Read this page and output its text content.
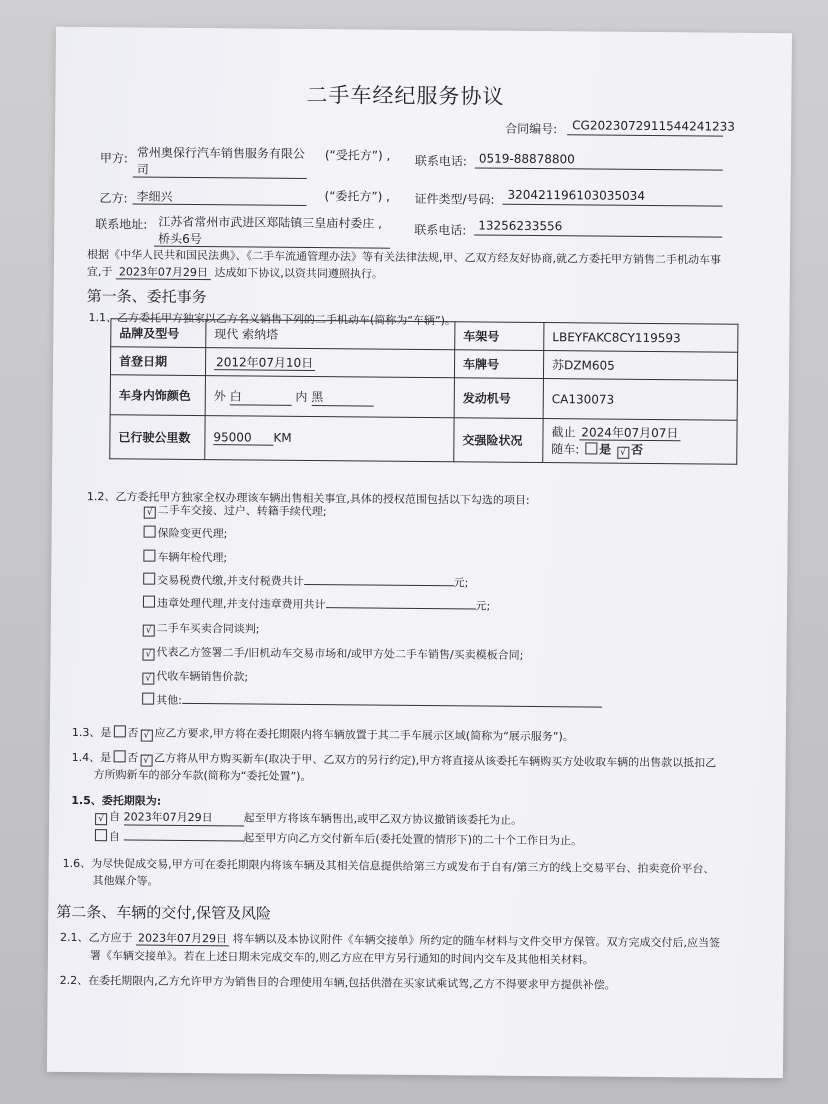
二手车经纪服务协议
合同编号: CG2023072911544241233
甲方: 常州奥保行汽车销售服务有限公
司
(“受托方”) , 联系电话: 0519-88878800
乙方: 李细兴	(“委托方”) , 证件类型/号码: 320421196103035034
联系地址: 江苏省常州市武进区郑陆镇三皇庙村委庄 ,
桥头6号
联系电话: 13256233556
根据《中华人民共和国民法典》、《二手车流通管理办法》等有关法律法规,甲、乙双方经友好协商,就乙方委托甲方销售二手机动车事
宜,于 2023年07月29日 达成如下协议,以资共同遵照执行。
第一条、委托事务
1.1、乙方委托甲方独家以乙方名义销售下列的二手机动车(简称为“车辆”)。
品牌及型号	现代 索纳塔	车架号	LBEYFAKC8CY119593
首登日期	2012年07月10日	车牌号	苏DZM605
车身内饰颜色	外 白 内 黑	发动机号	CA130073
已行驶公里数	95000 KM	交强险状况	截止 2024年07月07日
随车: 是 √ 否
1.2、乙方委托甲方独家全权办理该车辆出售相关事宜,具体的授权范围包括以下勾选的项目:
√ 二手车交接、过户、转籍手续代理;
保险变更代理;
车辆年检代理;
交易税费代缴,并支付税费共计	元;
违章处理代理,并支付违章费用共计	元;
√ 二手车买卖合同谈判;
√ 代表乙方签署二手/旧机动车交易市场和/或甲方处二手车销售/买卖模板合同;
√ 代收车辆销售价款;
其他:
1.3、是 否 √ 应乙方要求,甲方将在委托期限内将车辆放置于其二手车展示区域(简称为“展示服务”)。
1.4、是 否 √ 乙方将从甲方购买新车(取决于甲、乙双方的另行约定),甲方将直接从该委托车辆购买方处收取车辆的出售款以抵扣乙
方所购新车的部分车款(简称为“委托处置”)。
1.5、委托期限为:
√ 自 2023年07月29日	起至甲方将该车辆售出,或甲乙双方协议撤销该委托为止。
自	起至甲方向乙方交付新车后(委托处置的情形下)的二十个工作日为止。
1.6、为尽快促成交易,甲方可在委托期限内将该车辆及其相关信息提供给第三方或发布于自有/第三方的线上交易平台、拍卖竞价平台、
其他媒介等。
第二条、车辆的交付,保管及风险
2.1、乙方应于 2023年07月29日 将车辆以及本协议附件《车辆交接单》所约定的随车材料与文件交甲方保管。双方完成交付后,应当签
署《车辆交接单》。若在上述日期未完成交车的,则乙方应在甲方另行通知的时间内交车及其他相关材料。
2.2、在委托期限内,乙方允许甲方为销售目的合理使用车辆,包括供潜在买家试乘试驾,乙方不得要求甲方提供补偿。
